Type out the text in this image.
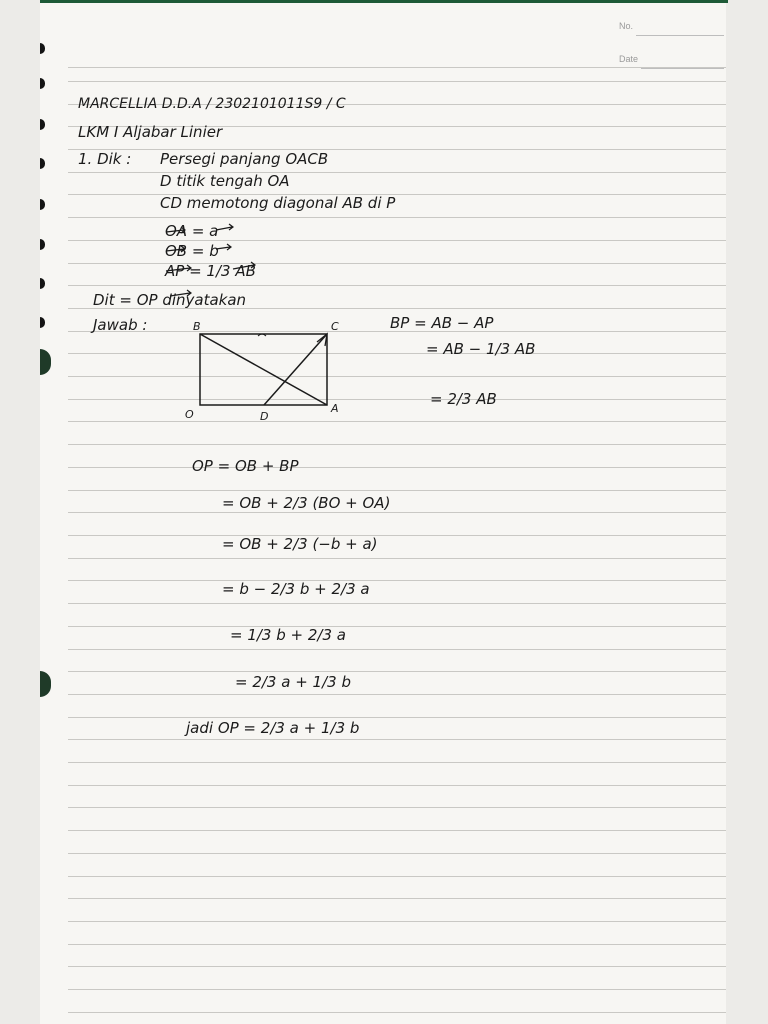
No.
Date
MARCELLIA D.D.A / 2302101011S9 / C
LKM I Aljabar Linier
1. Dik : Persegi panjang OACB
D titik tengah OA
CD memotong diagonal AB di P
OA = a
OB = b
AP = 1/3 AB
Dit = OP dinyatakan
Jawab :	B	C
O	D
A
BP = AB − AP
= AB − 1/3 AB
= 2/3 AB
OP = OB + BP
= OB + 2/3 (BO + OA)
= OB + 2/3 (−b + a)
= b − 2/3 b + 2/3 a
= 1/3 b + 2/3 a
= 2/3 a + 1/3 b
jadi OP = 2/3 a + 1/3 b
